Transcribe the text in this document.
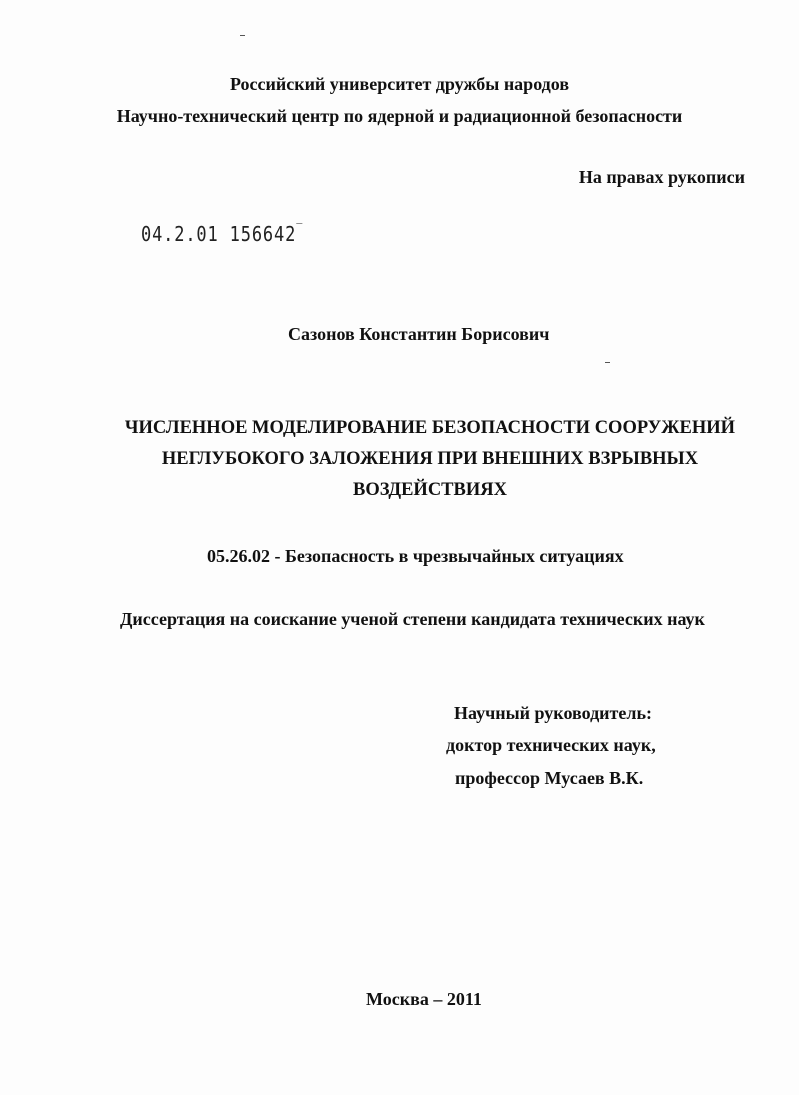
Российский университет дружбы народов
Научно-технический центр по ядерной и радиационной безопасности
На правах рукописи
04.2.01 156642‾
Сазонов Константин Борисович
ЧИСЛЕННОЕ МОДЕЛИРОВАНИЕ БЕЗОПАСНОСТИ СООРУЖЕНИЙ
НЕГЛУБОКОГО ЗАЛОЖЕНИЯ ПРИ ВНЕШНИХ ВЗРЫВНЫХ
ВОЗДЕЙСТВИЯХ
05.26.02 - Безопасность в чрезвычайных ситуациях
Диссертация на соискание ученой степени кандидата технических наук
Научный руководитель:
доктор технических наук,
профессор Мусаев В.К.
Москва – 2011
